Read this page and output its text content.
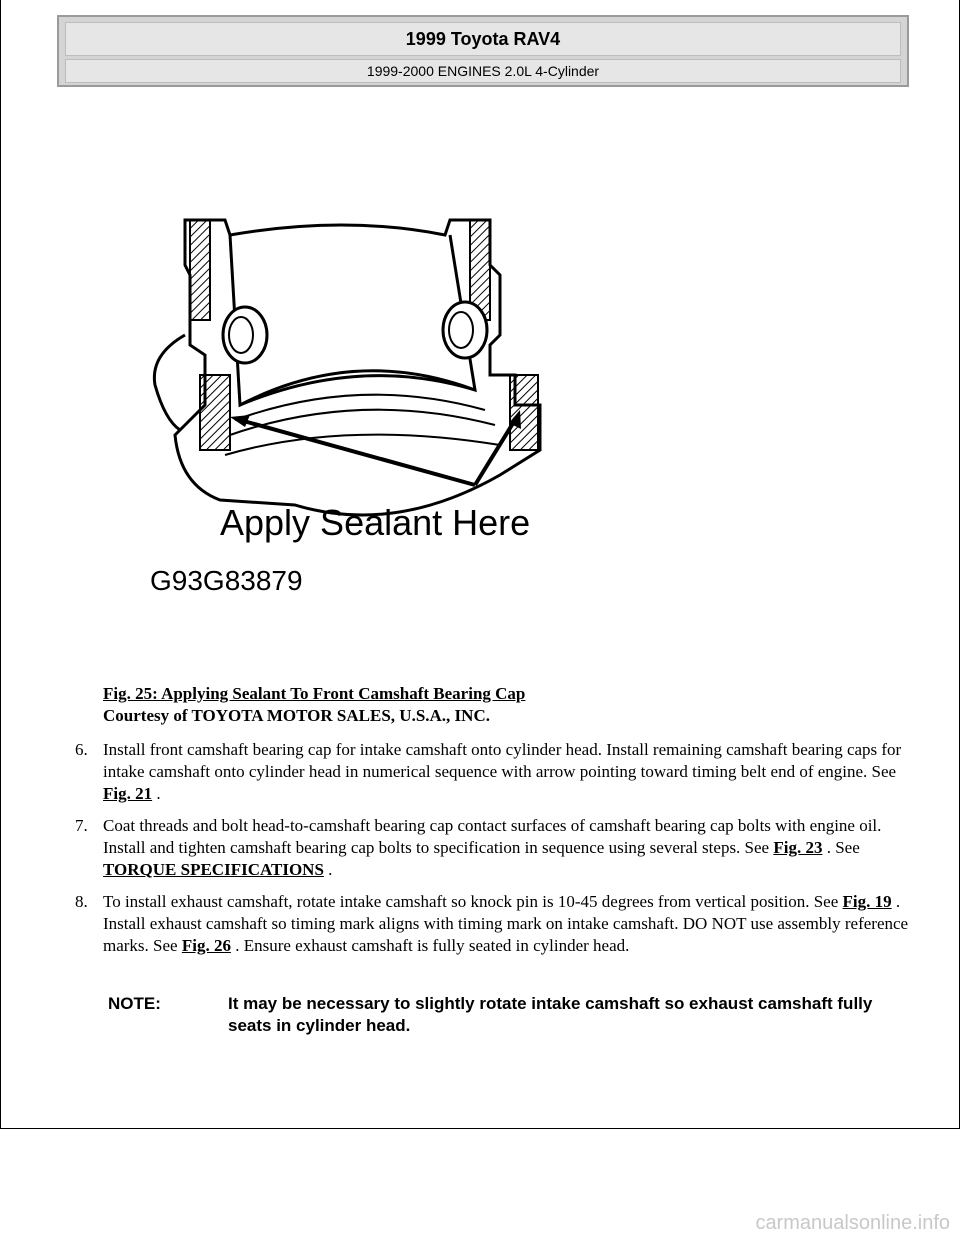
1999 Toyota RAV4
1999-2000 ENGINES 2.0L 4-Cylinder
Apply Sealant Here
G93G83879
Fig. 25: Applying Sealant To Front Camshaft Bearing Cap
Courtesy of TOYOTA MOTOR SALES, U.S.A., INC.
6. Install front camshaft bearing cap for intake camshaft onto cylinder head. Install remaining camshaft bearing caps for intake camshaft onto cylinder head in numerical sequence with arrow pointing toward timing belt end of engine. See Fig. 21 .
7. Coat threads and bolt head-to-camshaft bearing cap contact surfaces of camshaft bearing cap bolts with engine oil. Install and tighten camshaft bearing cap bolts to specification in sequence using several steps. See Fig. 23 . See TORQUE SPECIFICATIONS .
8. To install exhaust camshaft, rotate intake camshaft so knock pin is 10-45 degrees from vertical position. See Fig. 19 . Install exhaust camshaft so timing mark aligns with timing mark on intake camshaft. DO NOT use assembly reference marks. See Fig. 26 . Ensure exhaust camshaft is fully seated in cylinder head.
NOTE:	It may be necessary to slightly rotate intake camshaft so exhaust camshaft fully seats in cylinder head.
carmanualsonline.info
